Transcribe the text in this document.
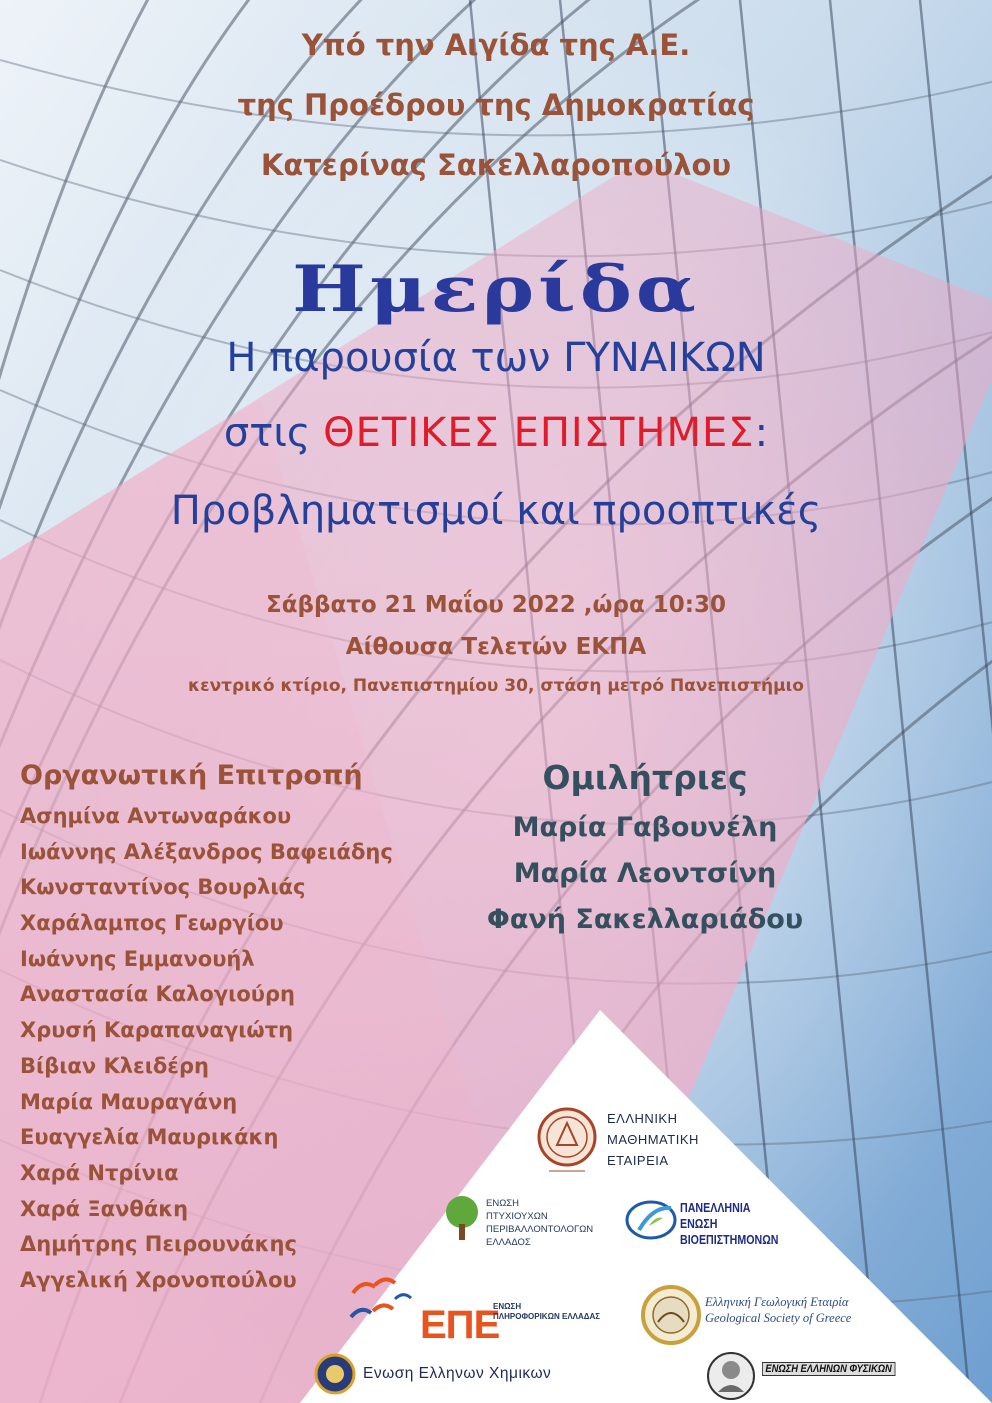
Υπό την Αιγίδα της Α.Ε.
της Προέδρου της Δημοκρατίας
Κατερίνας Σακελλαροπούλου
Ημερίδα
Η παρουσία των ΓΥΝΑΙΚΩΝ
στις ΘΕΤΙΚΕΣ ΕΠΙΣΤΗΜΕΣ:
Προβληματισμοί και προοπτικές
Σάββατο 21 Μαΐου 2022 ,ώρα 10:30
Αίθουσα Τελετών ΕΚΠΑ
κεντρικό κτίριο, Πανεπιστημίου 30, στάση μετρό Πανεπιστήμιο
Οργανωτική Επιτροπή
Ασημίνα Αντωναράκου
Ιωάννης Αλέξανδρος Βαφειάδης
Κωνσταντίνος Βουρλιάς
Χαράλαμπος Γεωργίου
Ιωάννης Εμμανουήλ
Αναστασία Καλογιούρη
Χρυσή Καραπαναγιώτη
Βίβιαν Κλειδέρη
Μαρία Μαυραγάνη
Ευαγγελία Μαυρικάκη
Χαρά Ντρίνια
Χαρά Ξανθάκη
Δημήτρης Πειρουνάκης
Αγγελική Χρονοπούλου
Ομιλήτριες
Μαρία Γαβουνέλη
Μαρία Λεοντσίνη
Φανή Σακελλαριάδου
ΕΛΛΗΝΙΚΗ
ΜΑΘΗΜΑΤΙΚΗ
ΕΤΑΙΡΕΙΑ
ΕΝΩΣΗ
ΠΤΥΧΙΟΥΧΩΝ
ΠΕΡΙΒΑΛΛΟΝΤΟΛΟΓΩΝ
ΕΛΛΑΔΟΣ
ΠΑΝΕΛΛΗΝΙΑ
ΕΝΩΣΗ
ΒΙΟΕΠΙΣΤΗΜΟΝΩΝ
Ελληνική Γεωλογική Εταιρία
Geological Society of Greece
ΕΠΕ
ΕΝΩΣΗ
ΠΛΗΡΟΦΟΡΙΚΩΝ ΕΛΛΑΔΑΣ
Ενωση Ελληνων Χημικων	ΕΝΩΣΗ ΕΛΛΗΝΩΝ ΦΥΣΙΚΩΝ
